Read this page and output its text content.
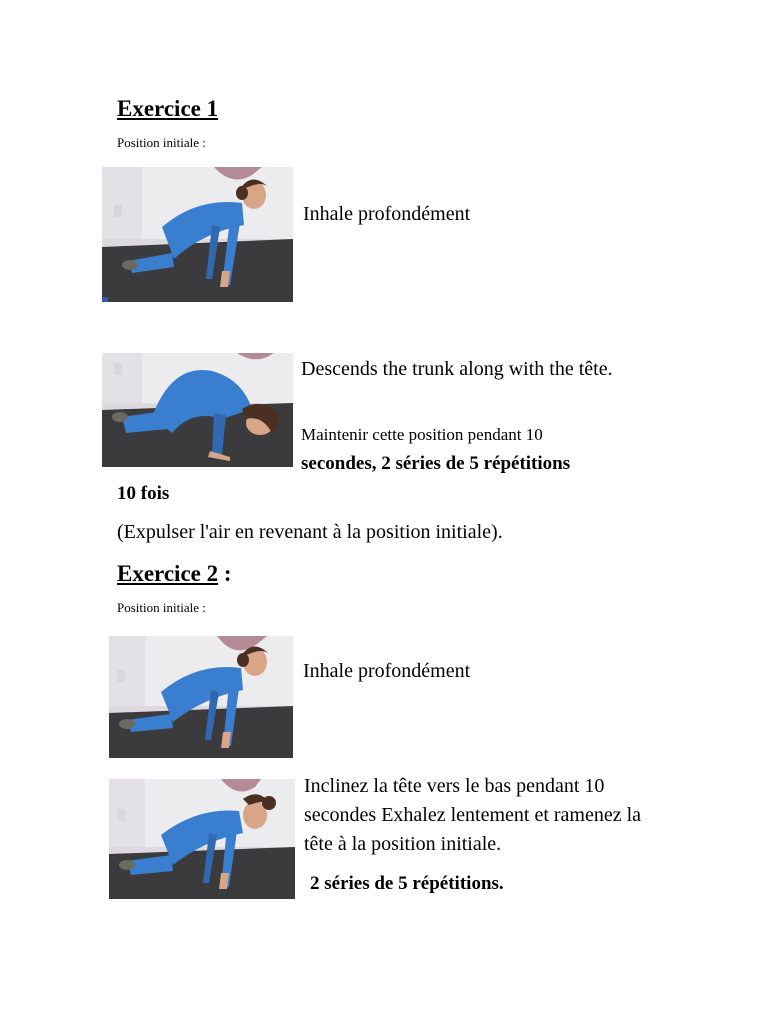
Exercice 1
Position initiale :
Inhale profondément
Descends the trunk along with the tête.
Maintenir cette position pendant 10
secondes, 2 séries de 5 répétitions
10 fois
(Expulser l'air en revenant à la position initiale).
Exercice 2 :
Position initiale :
Inhale profondément
Inclinez la tête vers le bas pendant 10 secondes Exhalez lentement et ramenez la tête à la position initiale.
2 séries de 5 répétitions.
